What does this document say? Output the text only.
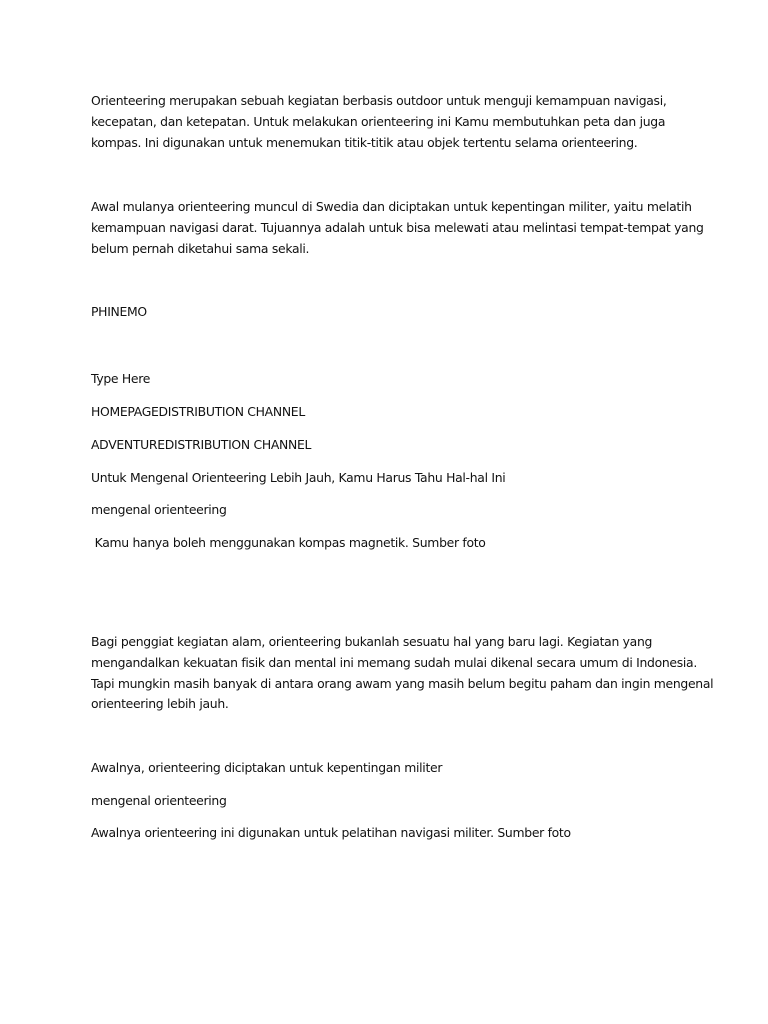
Orienteering merupakan sebuah kegiatan berbasis outdoor untuk menguji kemampuan navigasi,
kecepatan, dan ketepatan. Untuk melakukan orienteering ini Kamu membutuhkan peta dan juga
kompas. Ini digunakan untuk menemukan titik-titik atau objek tertentu selama orienteering.

Awal mulanya orienteering muncul di Swedia dan diciptakan untuk kepentingan militer, yaitu melatih
kemampuan navigasi darat. Tujuannya adalah untuk bisa melewati atau melintasi tempat-tempat yang
belum pernah diketahui sama sekali.

PHINEMO

Type Here

HOMEPAGEDISTRIBUTION CHANNEL

ADVENTUREDISTRIBUTION CHANNEL

Untuk Mengenal Orienteering Lebih Jauh, Kamu Harus Tahu Hal-hal Ini

mengenal orienteering

Kamu hanya boleh menggunakan kompas magnetik. Sumber foto

Bagi penggiat kegiatan alam, orienteering bukanlah sesuatu hal yang baru lagi. Kegiatan yang
mengandalkan kekuatan fisik dan mental ini memang sudah mulai dikenal secara umum di Indonesia.
Tapi mungkin masih banyak di antara orang awam yang masih belum begitu paham dan ingin mengenal
orienteering lebih jauh.

Awalnya, orienteering diciptakan untuk kepentingan militer

mengenal orienteering

Awalnya orienteering ini digunakan untuk pelatihan navigasi militer. Sumber foto
